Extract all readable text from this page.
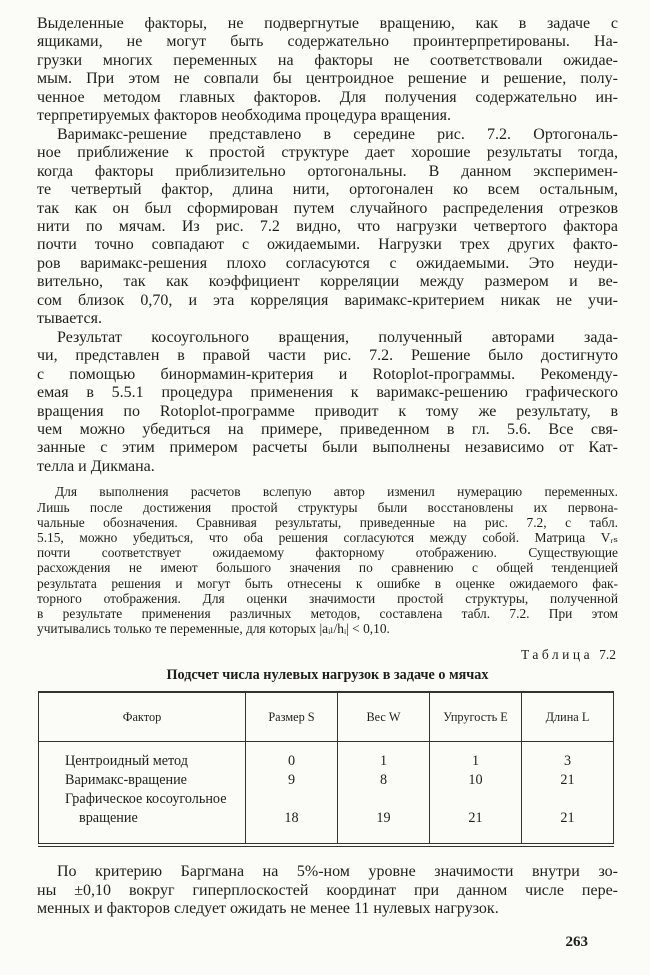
Выделенные факторы, не подвергнутые вращению, как в задаче с
ящиками, не могут быть содержательно проинтерпретированы. На-
грузки многих переменных на факторы не соответствовали ожидае-
мым. При этом не совпали бы центроидное решение и решение, полу-
ченное методом главных факторов. Для получения содержательно ин-
терпретируемых факторов необходима процедура вращения.
Варимакс-решение представлено в середине рис. 7.2. Ортогональ-
ное приближение к простой структуре дает хорошие результаты тогда,
когда факторы приблизительно ортогональны. В данном эксперимен-
те четвертый фактор, длина нити, ортогонален ко всем остальным,
так как он был сформирован путем случайного распределения отрезков
нити по мячам. Из рис. 7.2 видно, что нагрузки четвертого фактора
почти точно совпадают с ожидаемыми. Нагрузки трех других факто-
ров варимакс-решения плохо согласуются с ожидаемыми. Это неуди-
вительно, так как коэффициент корреляции между размером и ве-
сом близок 0,70, и эта корреляция варимакс-критерием никак не учи-
тывается.
Результат косоугольного вращения, полученный авторами зада-
чи, представлен в правой части рис. 7.2. Решение было достигнуто
с помощью бинормамин-критерия и Rotoplot-программы. Рекоменду-
емая в 5.5.1 процедура применения к варимакс-решению графического
вращения по Rotoplot-программе приводит к тому же результату, в
чем можно убедиться на примере, приведенном в гл. 5.6. Все свя-
занные с этим примером расчеты были выполнены независимо от Кат-
телла и Дикмана.
Для выполнения расчетов вслепую автор изменил нумерацию переменных.
Лишь после достижения простой структуры были восстановлены их первона-
чальные обозначения. Сравнивая результаты, приведенные на рис. 7.2, с табл.
5.15, можно убедиться, что оба решения согласуются между собой. Матрица Vᵣₛ
почти соответствует ожидаемому факторному отображению. Существующие
расхождения не имеют большого значения по сравнению с общей тенденцией
результата решения и могут быть отнесены к ошибке в оценке ожидаемого фак-
торного отображения. Для оценки значимости простой структуры, полученной
в результате применения различных методов, составлена табл. 7.2. При этом
учитывались только те переменные, для которых |aᵢₗ/hᵢ| < 0,10.
Таблица 7.2
Подсчет числа нулевых нагрузок в задаче о мячах
Фактор	Размер S	Вес W	Упругость Е	Длина L
Центроидный метод	0	1	1	3
Варимакс-вращение	9	8	10	21
Графическое косоугольное вращение	18	19	21	21
По критерию Баргмана на 5%-ном уровне значимости внутри зо-
ны ±0,10 вокруг гиперплоскостей координат при данном числе пере-
менных и факторов следует ожидать не менее 11 нулевых нагрузок.
263
